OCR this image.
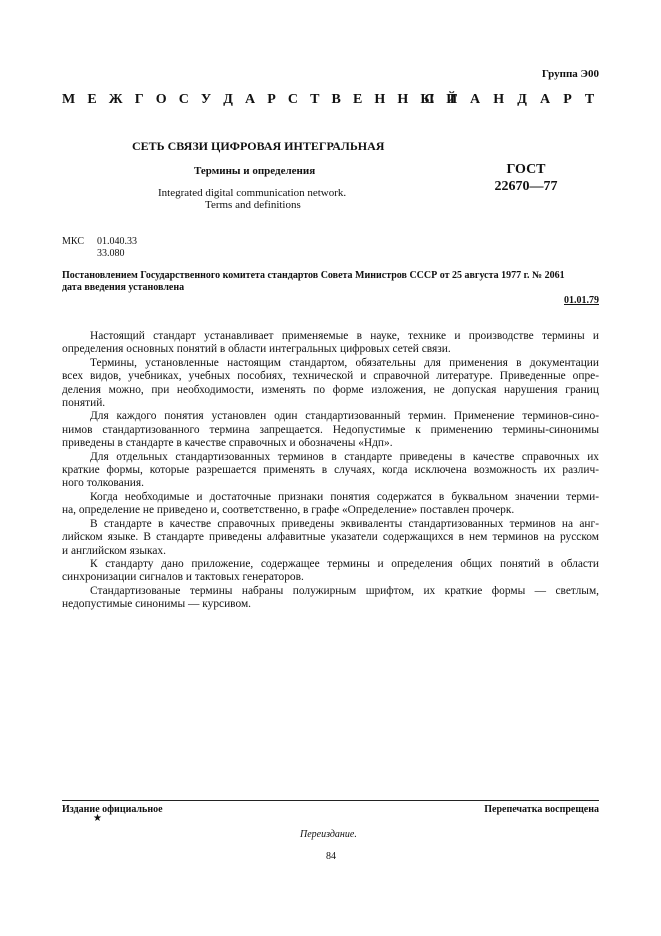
Группа Э00

М Е Ж Г О С У Д А Р С Т В Е Н Н Ы Й

С Т А Н Д А Р Т

СЕТЬ СВЯЗИ ЦИФРОВАЯ ИНТЕГРАЛЬНАЯ
Термины и определения
Integrated digital communication network.
Terms and definitions
ГОСТ
22670—77
МКС 01.040.33
33.080
Постановлением Государственного комитета стандартов Совета Министров СССР от 25 августа 1977 г. № 2061
дата введения установлена
01.01.79
Настоящий стандарт устанавливает применяемые в науке, технике и производстве термины и
определения основных понятий в области интегральных цифровых сетей связи.
Термины, установленные настоящим стандартом, обязательны для применения в документации
всех видов, учебниках, учебных пособиях, технической и справочной литературе. Приведенные опре-
деления можно, при необходимости, изменять по форме изложения, не допуская нарушения границ
понятий.
Для каждого понятия установлен один стандартизованный термин. Применение терминов-сино-
нимов стандартизованного термина запрещается. Недопустимые к применению термины-синонимы
приведены в стандарте в качестве справочных и обозначены «Ндп».
Для отдельных стандартизованных терминов в стандарте приведены в качестве справочных их
краткие формы, которые разрешается применять в случаях, когда исключена возможность их различ-
ного толкования.
Когда необходимые и достаточные признаки понятия содержатся в буквальном значении терми-
на, определение не приведено и, соответственно, в графе «Определение» поставлен прочерк.
В стандарте в качестве справочных приведены эквиваленты стандартизованных терминов на анг-
лийском языке. В стандарте приведены алфавитные указатели содержащихся в нем терминов на русском
и английском языках.
К стандарту дано приложение, содержащее термины и определения общих понятий в области
синхронизации сигналов и тактовых генераторов.
Стандартизованые термины набраны полужирным шрифтом, их краткие формы — светлым,
недопустимые синонимы — курсивом.
Издание официальное	Перепечатка воспрещена
★
Переиздание.
84
